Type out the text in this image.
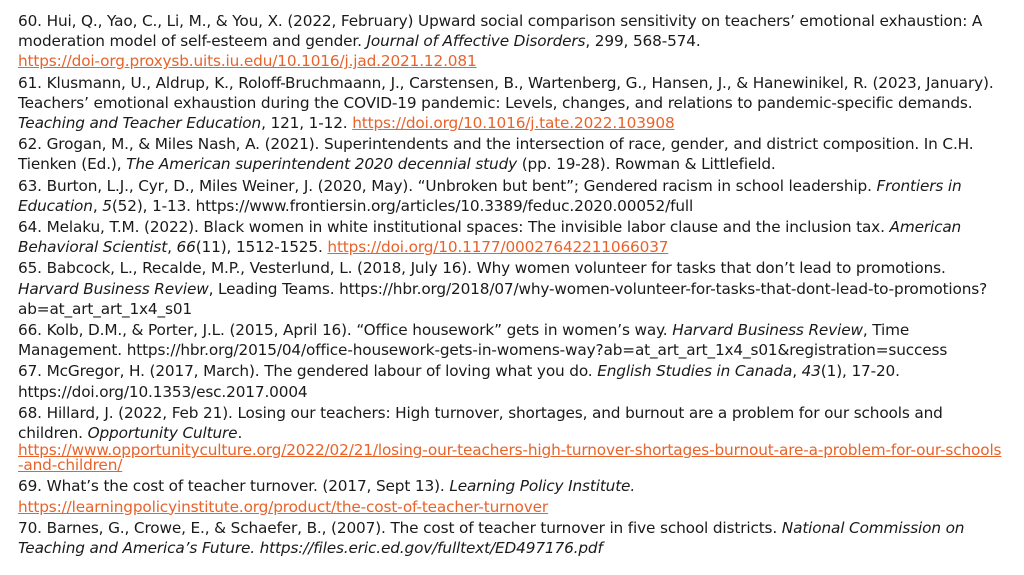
60. Hui, Q., Yao, C., Li, M., & You, X. (2022, February) Upward social comparison sensitivity on teachers’ emotional exhaustion: A moderation model of self-esteem and gender. Journal of Affective Disorders, 299, 568-574.
https://doi-org.proxysb.uits.iu.edu/10.1016/j.jad.2021.12.081
61. Klusmann, U., Aldrup, K., Roloff-Bruchmaann, J., Carstensen, B., Wartenberg, G., Hansen, J., & Hanewinikel, R. (2023, January). Teachers’ emotional exhaustion during the COVID-19 pandemic: Levels, changes, and relations to pandemic-specific demands. Teaching and Teacher Education, 121, 1-12. https://doi.org/10.1016/j.tate.2022.103908
62. Grogan, M., & Miles Nash, A. (2021). Superintendents and the intersection of race, gender, and district composition. In C.H. Tienken (Ed.), The American superintendent 2020 decennial study (pp. 19-28). Rowman & Littlefield.
63. Burton, L.J., Cyr, D., Miles Weiner, J. (2020, May). “Unbroken but bent”; Gendered racism in school leadership. Frontiers in Education, 5(52), 1-13. https://www.frontiersin.org/articles/10.3389/feduc.2020.00052/full
64. Melaku, T.M. (2022). Black women in white institutional spaces: The invisible labor clause and the inclusion tax. American Behavioral Scientist, 66(11), 1512-1525. https://doi.org/10.1177/00027642211066037
65. Babcock, L., Recalde, M.P., Vesterlund, L. (2018, July 16). Why women volunteer for tasks that don’t lead to promotions. Harvard Business Review, Leading Teams. https://hbr.org/2018/07/why-women-volunteer-for-tasks-that-dont-lead-to-promotions?ab=at_art_art_1x4_s01
66. Kolb, D.M., & Porter, J.L. (2015, April 16). “Office housework” gets in women’s way. Harvard Business Review, Time Management. https://hbr.org/2015/04/office-housework-gets-in-womens-way?ab=at_art_art_1x4_s01&registration=success
67. McGregor, H. (2017, March). The gendered labour of loving what you do. English Studies in Canada, 43(1), 17-20. https://doi.org/10.1353/esc.2017.0004
68. Hillard, J. (2022, Feb 21). Losing our teachers: High turnover, shortages, and burnout are a problem for our schools and children. Opportunity Culture.
https://www.opportunityculture.org/2022/02/21/losing-our-teachers-high-turnover-shortages-burnout-are-a-problem-for-our-schools-and-children/
69. What’s the cost of teacher turnover. (2017, Sept 13). Learning Policy Institute.
https://learningpolicyinstitute.org/product/the-cost-of-teacher-turnover
70. Barnes, G., Crowe, E., & Schaefer, B., (2007). The cost of teacher turnover in five school districts. National Commission on Teaching and America’s Future. https://files.eric.ed.gov/fulltext/ED497176.pdf
